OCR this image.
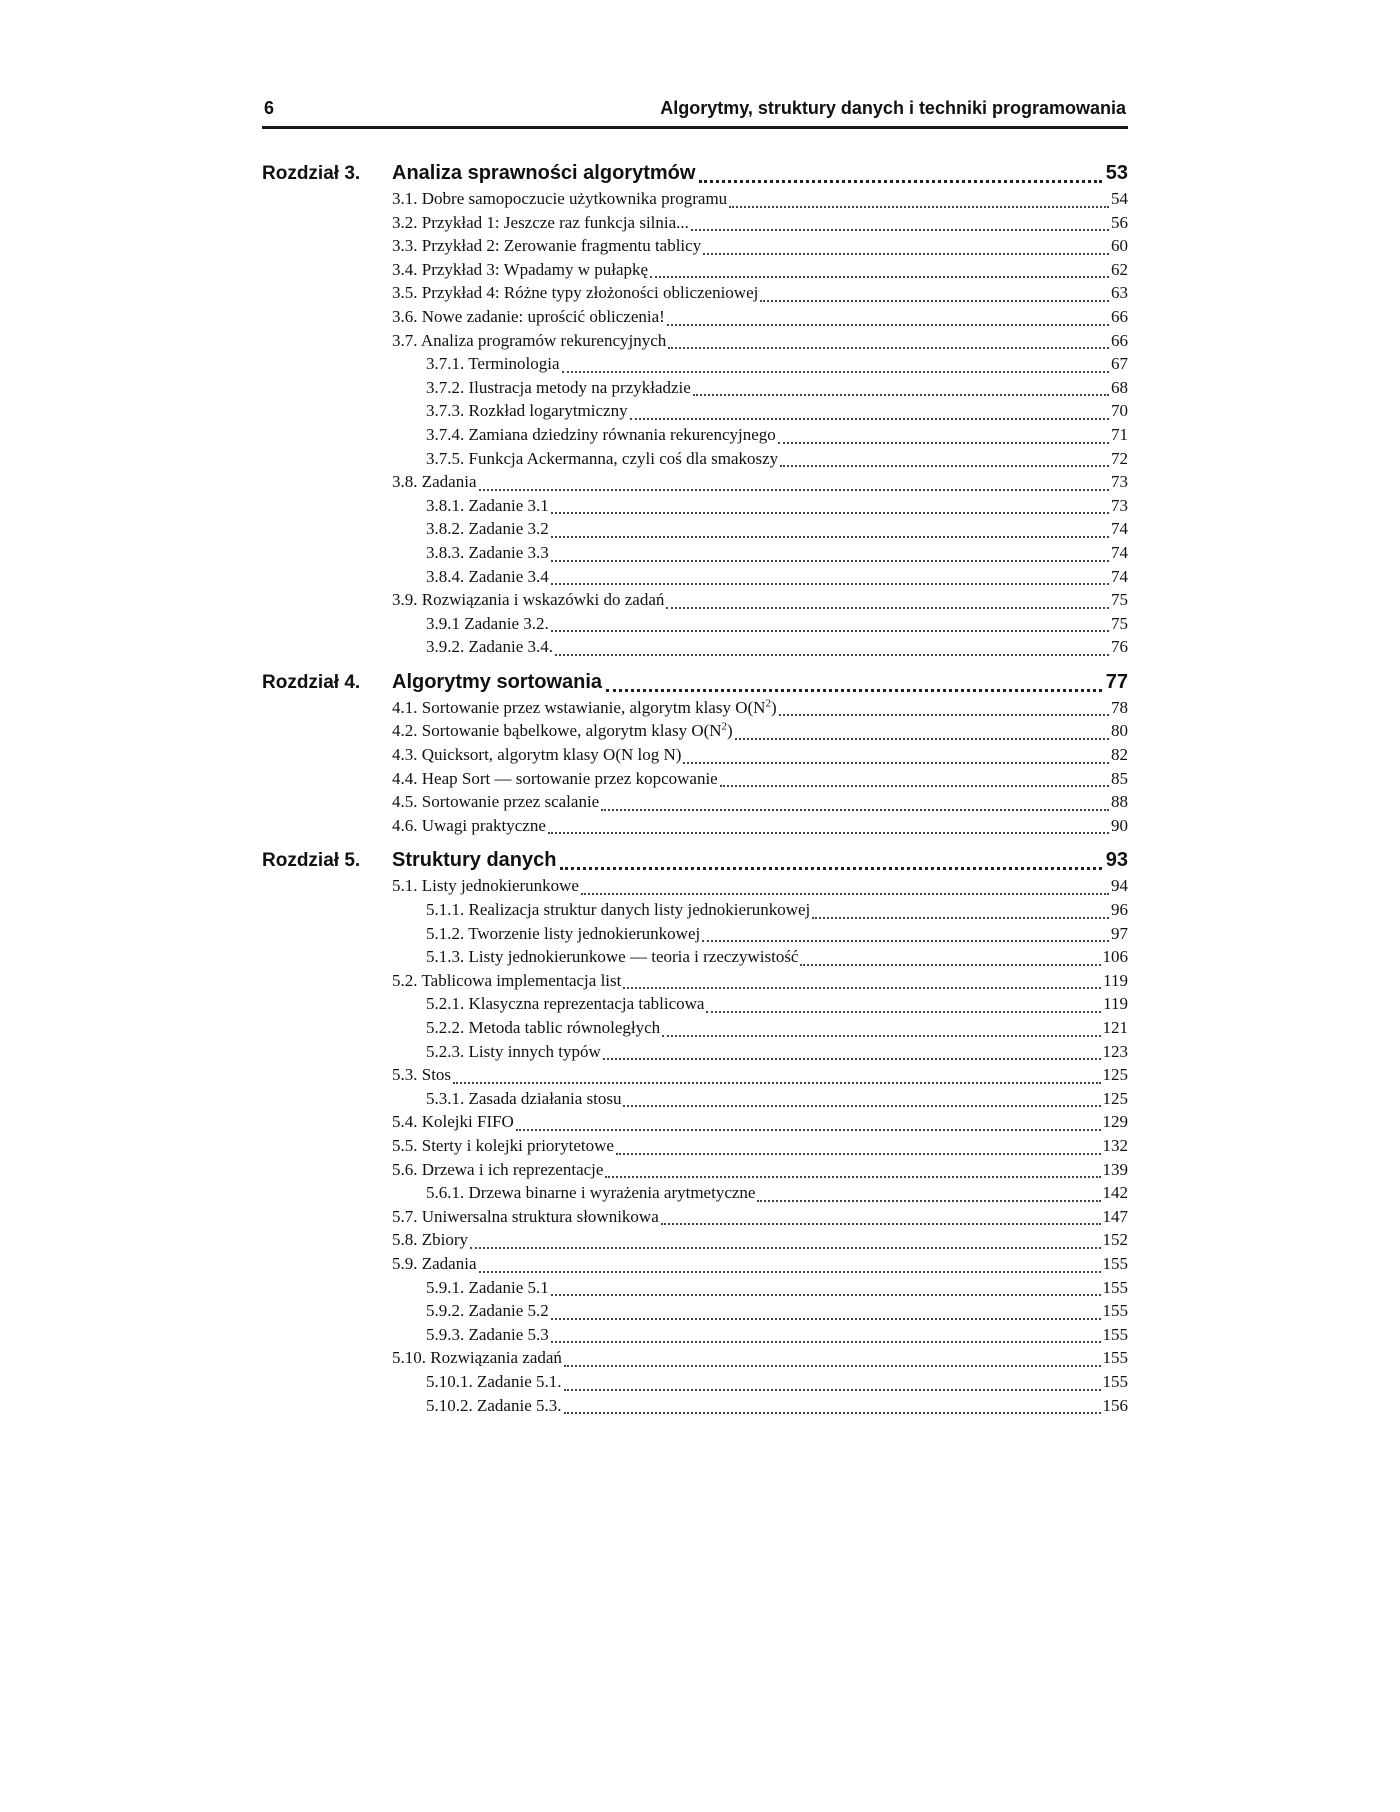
6	Algorytmy, struktury danych i techniki programowania
Rozdział 3.	Analiza sprawności algorytmów	53
3.1. Dobre samopoczucie użytkownika programu	54
3.2. Przykład 1: Jeszcze raz funkcja silnia...	56
3.3. Przykład 2: Zerowanie fragmentu tablicy	60
3.4. Przykład 3: Wpadamy w pułapkę	62
3.5. Przykład 4: Różne typy złożoności obliczeniowej	63
3.6. Nowe zadanie: uprościć obliczenia!	66
3.7. Analiza programów rekurencyjnych	66
3.7.1. Terminologia	67
3.7.2. Ilustracja metody na przykładzie	68
3.7.3. Rozkład logarytmiczny	70
3.7.4. Zamiana dziedziny równania rekurencyjnego	71
3.7.5. Funkcja Ackermanna, czyli coś dla smakoszy	72
3.8. Zadania	73
3.8.1. Zadanie 3.1	73
3.8.2. Zadanie 3.2	74
3.8.3. Zadanie 3.3	74
3.8.4. Zadanie 3.4	74
3.9. Rozwiązania i wskazówki do zadań	75
3.9.1 Zadanie 3.2.	75
3.9.2. Zadanie 3.4.	76
Rozdział 4.	Algorytmy sortowania	77
4.1. Sortowanie przez wstawianie, algorytm klasy $O(N^2)$	78
4.2. Sortowanie bąbelkowe, algorytm klasy $O(N^2)$	80
4.3. Quicksort, algorytm klasy O(N log N)	82
4.4. Heap Sort — sortowanie przez kopcowanie	85
4.5. Sortowanie przez scalanie	88
4.6. Uwagi praktyczne	90
Rozdział 5.	Struktury danych	93
5.1. Listy jednokierunkowe	94
5.1.1. Realizacja struktur danych listy jednokierunkowej	96
5.1.2. Tworzenie listy jednokierunkowej	97
5.1.3. Listy jednokierunkowe — teoria i rzeczywistość	106
5.2. Tablicowa implementacja list	119
5.2.1. Klasyczna reprezentacja tablicowa	119
5.2.2. Metoda tablic równoległych	121
5.2.3. Listy innych typów	123
5.3. Stos	125
5.3.1. Zasada działania stosu	125
5.4. Kolejki FIFO	129
5.5. Sterty i kolejki priorytetowe	132
5.6. Drzewa i ich reprezentacje	139
5.6.1. Drzewa binarne i wyrażenia arytmetyczne	142
5.7. Uniwersalna struktura słownikowa	147
5.8. Zbiory	152
5.9. Zadania	155
5.9.1. Zadanie 5.1	155
5.9.2. Zadanie 5.2	155
5.9.3. Zadanie 5.3	155
5.10. Rozwiązania zadań	155
5.10.1. Zadanie 5.1.	155
5.10.2. Zadanie 5.3.	156
